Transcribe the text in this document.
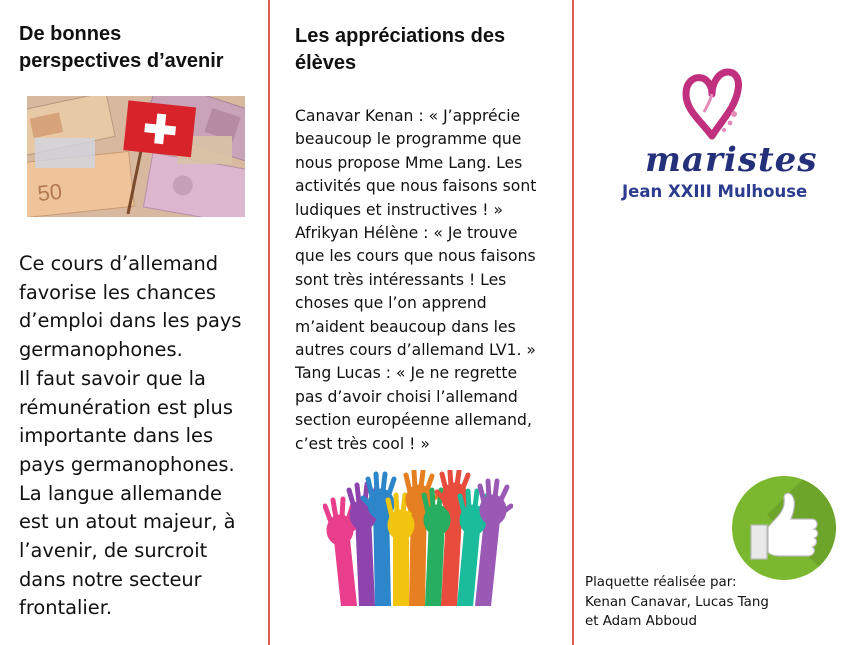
De bonnes
perspectives d’avenir
50
Ce cours d’allemand
favorise les chances
d’emploi dans les pays
germanophones.
Il faut savoir que la
rémunération est plus
importante dans les
pays germanophones.
La langue allemande
est un atout majeur, à
l’avenir, de surcroit
dans notre secteur
frontalier.
Les appréciations des
élèves
Canavar Kenan : « J’apprécie
beaucoup le programme que
nous propose Mme Lang. Les
activités que nous faisons sont
ludiques et instructives ! »
Afrikyan Hélène : « Je trouve
que les cours que nous faisons
sont très intéressants ! Les
choses que l’on apprend
m’aident beaucoup dans les
autres cours d’allemand LV1. »
Tang Lucas : « Je ne regrette
pas d’avoir choisi l’allemand
section européenne allemand,
c’est très cool ! »
maristes
Jean XXIII Mulhouse
Plaquette réalisée par:
Kenan Canavar, Lucas Tang
et Adam Abboud
